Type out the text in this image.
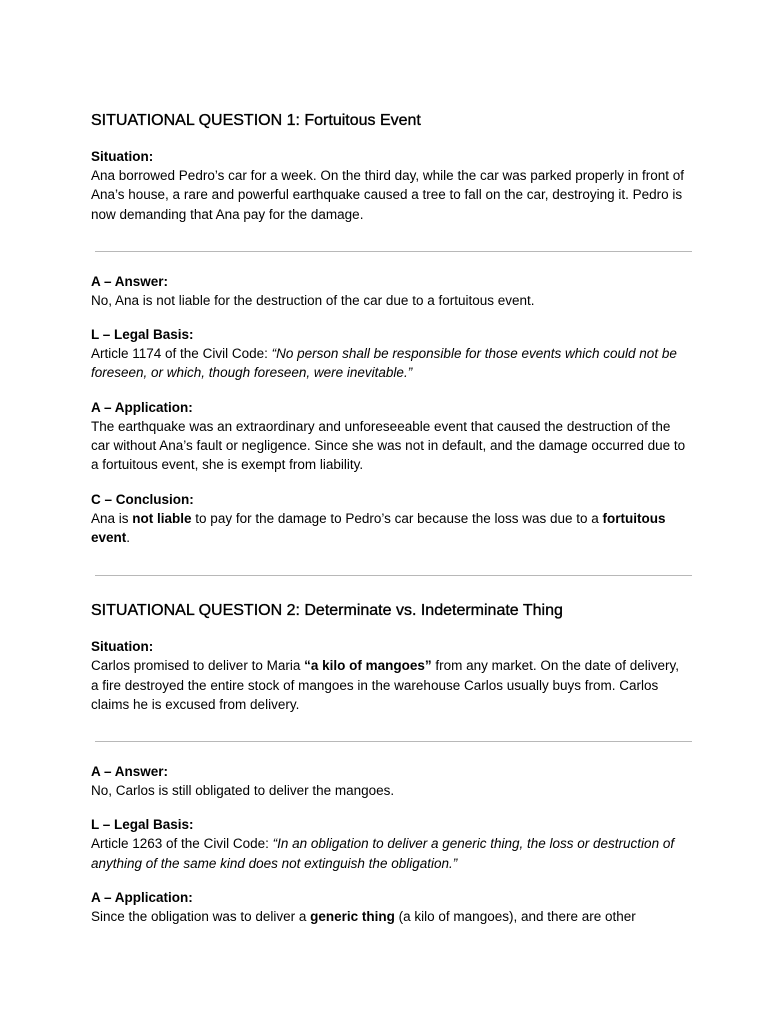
SITUATIONAL QUESTION 1: Fortuitous Event

Situation:

Ana borrowed Pedro’s car for a week. On the third day, while the car was parked properly in front of Ana’s house, a rare and powerful earthquake caused a tree to fall on the car, destroying it. Pedro is now demanding that Ana pay for the damage.

A – Answer:

No, Ana is not liable for the destruction of the car due to a fortuitous event.

L – Legal Basis:

Article 1174 of the Civil Code: “No person shall be responsible for those events which could not be foreseen, or which, though foreseen, were inevitable.”

A – Application:

The earthquake was an extraordinary and unforeseeable event that caused the destruction of the car without Ana’s fault or negligence. Since she was not in default, and the damage occurred due to a fortuitous event, she is exempt from liability.

C – Conclusion:

Ana is not liable to pay for the damage to Pedro’s car because the loss was due to a fortuitous event.

SITUATIONAL QUESTION 2: Determinate vs. Indeterminate Thing

Situation:

Carlos promised to deliver to Maria “a kilo of mangoes” from any market. On the date of delivery, a fire destroyed the entire stock of mangoes in the warehouse Carlos usually buys from. Carlos claims he is excused from delivery.

A – Answer:

No, Carlos is still obligated to deliver the mangoes.

L – Legal Basis:

Article 1263 of the Civil Code: “In an obligation to deliver a generic thing, the loss or destruction of anything of the same kind does not extinguish the obligation.”

A – Application:

Since the obligation was to deliver a generic thing (a kilo of mangoes), and there are other
